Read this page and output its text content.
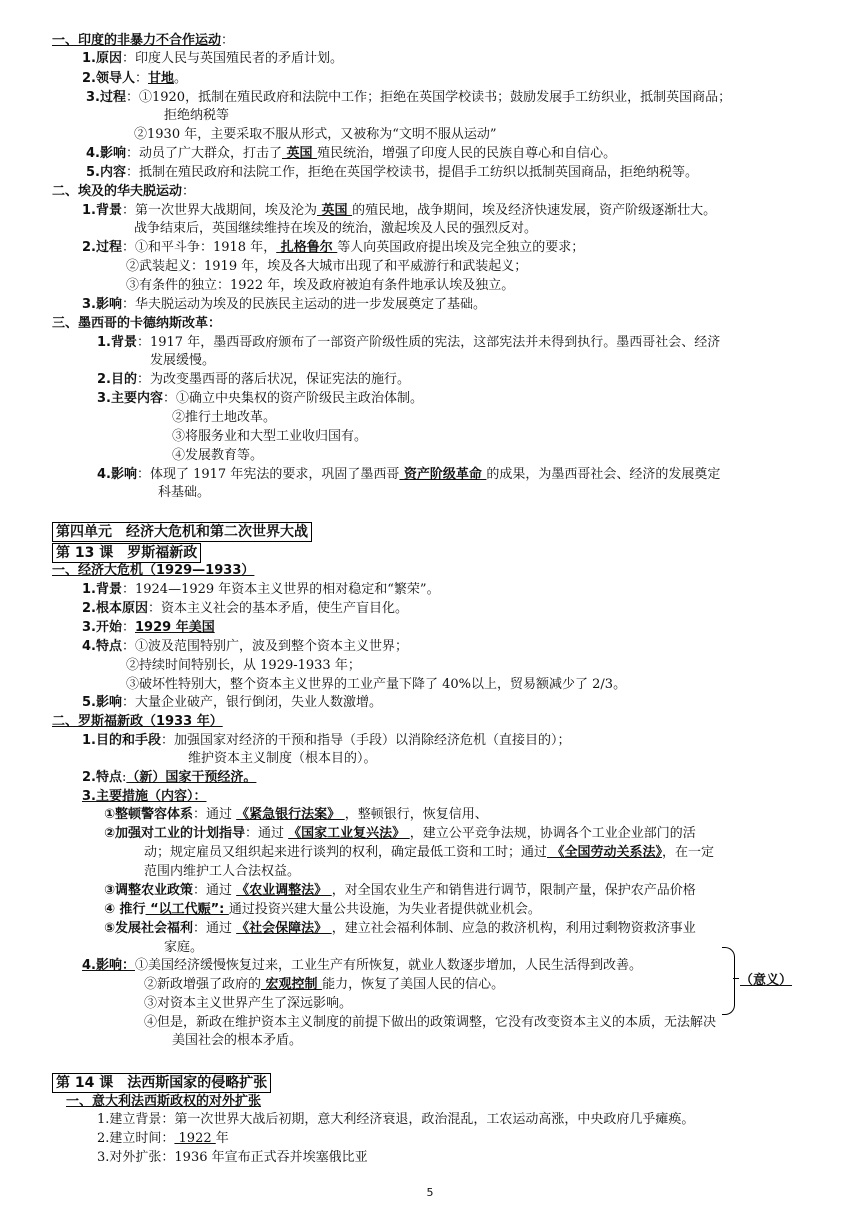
一、印度的非暴力不合作运动：
1.原因：印度人民与英国殖民者的矛盾计划。
2.领导人：甘地。
3.过程：①1920，抵制在殖民政府和法院中工作；拒绝在英国学校读书；鼓励发展手工纺织业，抵制英国商品；
拒绝纳税等
②1930 年，主要采取不服从形式，又被称为“文明不服从运动”
4.影响：动员了广大群众，打击了 英国 殖民统治，增强了印度人民的民族自尊心和自信心。
5.内容：抵制在殖民政府和法院工作，拒绝在英国学校读书，提倡手工纺织以抵制英国商品，拒绝纳税等。
二、埃及的华夫脱运动：
1.背景：第一次世界大战期间，埃及沦为 英国 的殖民地，战争期间，埃及经济快速发展，资产阶级逐渐壮大。
战争结束后，英国继续维持在埃及的统治，激起埃及人民的强烈反对。
2.过程：①和平斗争：1918 年， 扎格鲁尔 等人向英国政府提出埃及完全独立的要求；
②武装起义：1919 年，埃及各大城市出现了和平威游行和武装起义；
③有条件的独立：1922 年，埃及政府被迫有条件地承认埃及独立。
3.影响：华夫脱运动为埃及的民族民主运动的进一步发展奠定了基础。
三、墨西哥的卡德纳斯改革：
1.背景：1917 年，墨西哥政府颁布了一部资产阶级性质的宪法，这部宪法并未得到执行。墨西哥社会、经济
发展缓慢。
2.目的：为改变墨西哥的落后状况，保证宪法的施行。
3.主要内容：①确立中央集权的资产阶级民主政治体制。
②推行土地改革。
③将服务业和大型工业收归国有。
④发展教育等。
4.影响：体现了 1917 年宪法的要求，巩固了墨西哥 资产阶级革命 的成果，为墨西哥社会、经济的发展奠定
科基础。
第四单元　经济大危机和第二次世界大战
第 13 课　罗斯福新政
一、经济大危机（1929—1933）
1.背景：1924—1929 年资本主义世界的相对稳定和“繁荣”。
2.根本原因：资本主义社会的基本矛盾，使生产盲目化。
3.开始：1929 年美国
4.特点：①波及范围特别广，波及到整个资本主义世界；
②持续时间特别长，从 1929-1933 年；
③破坏性特别大，整个资本主义世界的工业产量下降了 40%以上，贸易额减少了 2/3。
5.影响：大量企业破产，银行倒闭，失业人数激增。
二、罗斯福新政（1933 年）
1.目的和手段：加强国家对经济的干预和指导（手段）以消除经济危机（直接目的）；
维护资本主义制度（根本目的）。
2.特点:（新）国家干预经济。
3.主要措施（内容）：
①整顿警容体系：通过 《紧急银行法案》 ，整顿银行，恢复信用、
②加强对工业的计划指导：通过 《国家工业复兴法》 ，建立公平竞争法规，协调各个工业企业部门的活
动；规定雇员又组织起来进行谈判的权利，确定最低工资和工时；通过 《全国劳动关系法》，在一定
范围内维护工人合法权益。
③调整农业政策：通过 《农业调整法》 ，对全国农业生产和销售进行调节，限制产量，保护农产品价格
④ 推行 “以工代赈”: 通过投资兴建大量公共设施，为失业者提供就业机会。
⑤发展社会福利：通过 《社会保障法》 ，建立社会福利体制、应急的救济机构，利用过剩物资救济事业
家庭。
4.影响：①美国经济缓慢恢复过来，工业生产有所恢复，就业人数逐步增加，人民生活得到改善。
②新政增强了政府的 宏观控制 能力，恢复了美国人民的信心。
③对资本主义世界产生了深远影响。
④但是，新政在维护资本主义制度的前提下做出的政策调整，它没有改变资本主义的本质，无法解决
美国社会的根本矛盾。
（意义）
第 14 课　法西斯国家的侵略扩张
一、意大利法西斯政权的对外扩张
1.建立背景：第一次世界大战后初期，意大利经济衰退，政治混乱，工农运动高涨，中央政府几乎瘫痪。
2.建立时间： 1922 年
3.对外扩张：1936 年宣布正式吞并埃塞俄比亚
5
